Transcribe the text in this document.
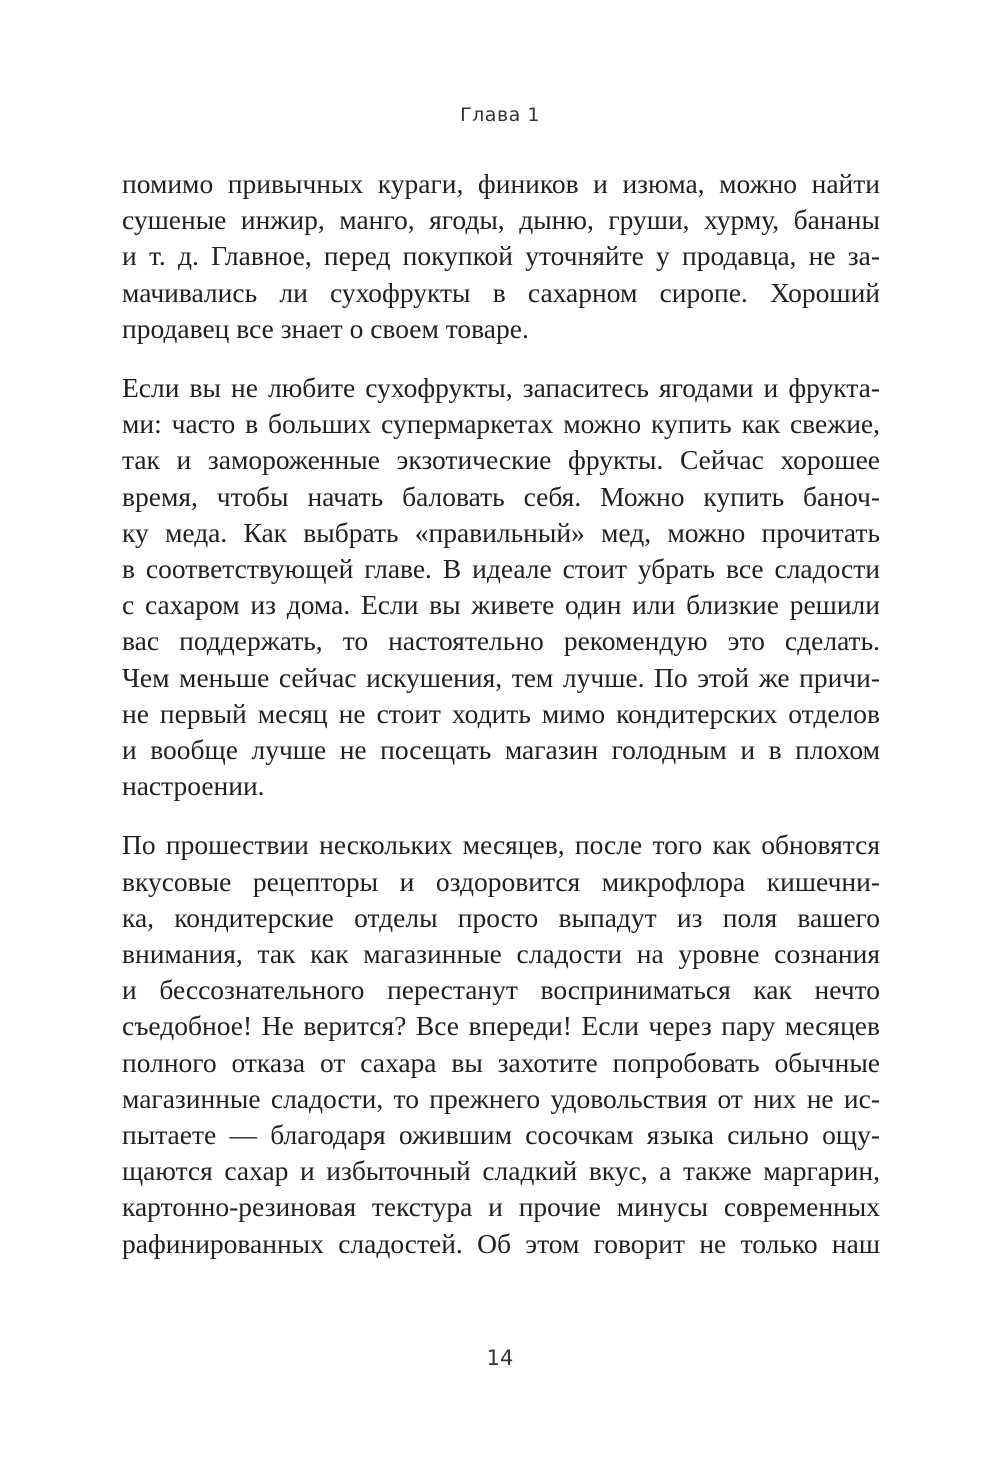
Глава 1

помимо привычных кураги, фиников и изюма, можно найти
сушеные инжир, манго, ягоды, дыню, груши, хурму, бананы
и т. д. Главное, перед покупкой уточняйте у продавца, не за-
мачивались ли сухофрукты в сахарном сиропе. Хороший
продавец все знает о своем товаре.

Если вы не любите сухофрукты, запаситесь ягодами и фрукта-
ми: часто в больших супермаркетах можно купить как свежие,
так и замороженные экзотические фрукты. Сейчас хорошее
время, чтобы начать баловать себя. Можно купить баноч-
ку меда. Как выбрать «правильный» мед, можно прочитать
в соответствующей главе. В идеале стоит убрать все сладости
с сахаром из дома. Если вы живете один или близкие решили
вас поддержать, то настоятельно рекомендую это сделать.
Чем меньше сейчас искушения, тем лучше. По этой же причи-
не первый месяц не стоит ходить мимо кондитерских отделов
и вообще лучше не посещать магазин голодным и в плохом
настроении.

По прошествии нескольких месяцев, после того как обновятся
вкусовые рецепторы и оздоровится микрофлора кишечни-
ка, кондитерские отделы просто выпадут из поля вашего
внимания, так как магазинные сладости на уровне сознания
и бессознательного перестанут восприниматься как нечто
съедобное! Не верится? Все впереди! Если через пару месяцев
полного отказа от сахара вы захотите попробовать обычные
магазинные сладости, то прежнего удовольствия от них не ис-
пытаете — благодаря ожившим сосочкам языка сильно ощу-
щаются сахар и избыточный сладкий вкус, а также маргарин,
картонно-резиновая текстура и прочие минусы современных
рафинированных сладостей. Об этом говорит не только наш

14
